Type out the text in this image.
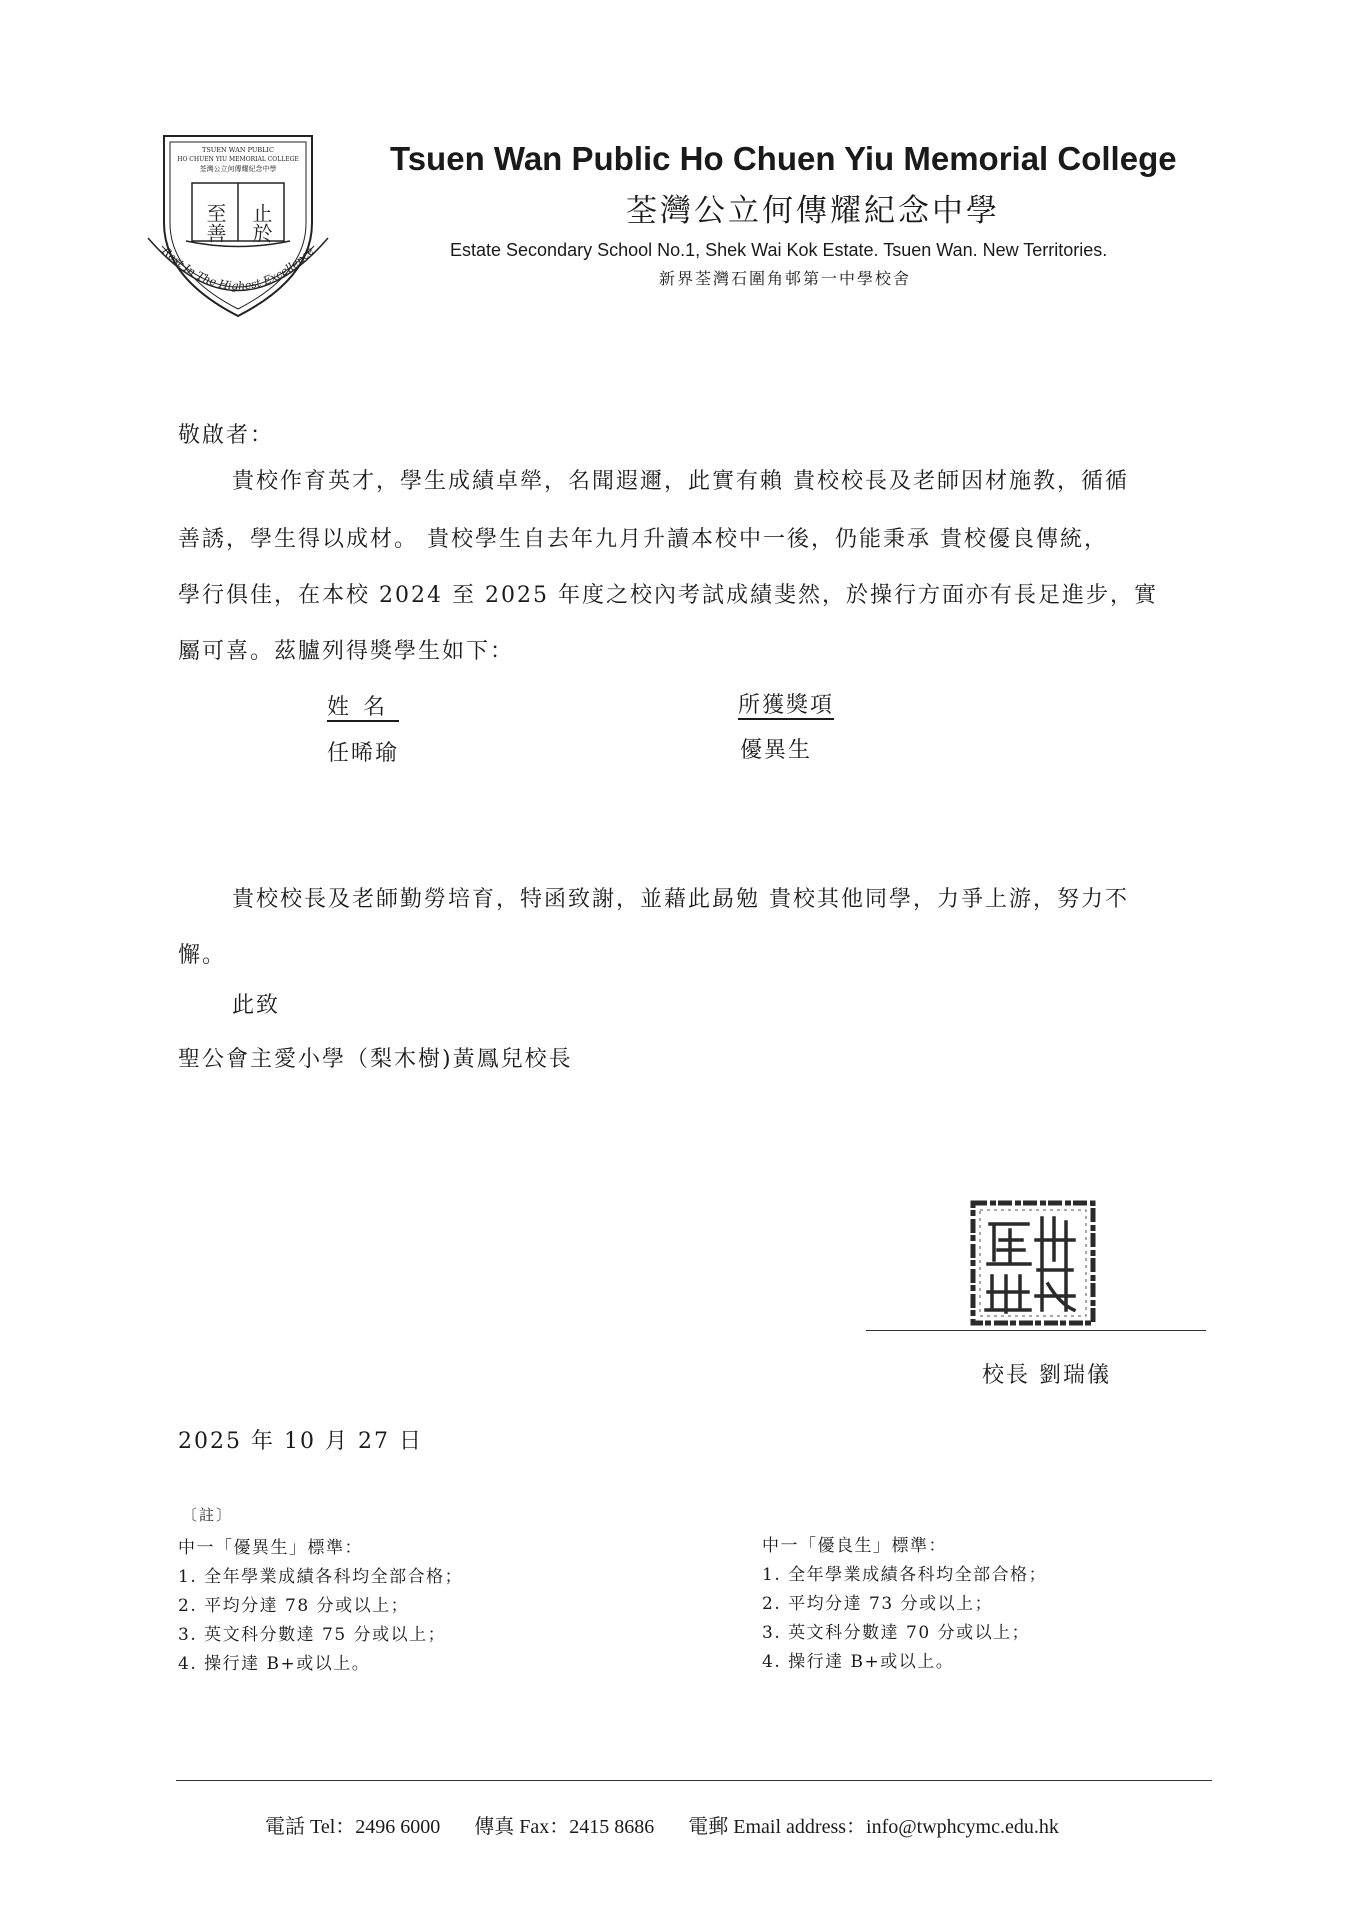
TSUEN WAN PUBLIC
HO CHUEN YIU MEMORIAL COLLEGE
荃灣公立何傳耀紀念中學
止於
至善
Rest In The Highest Excellence
Tsuen Wan Public Ho Chuen Yiu Memorial College
荃灣公立何傳耀紀念中學
Estate Secondary School No.1, Shek Wai Kok Estate. Tsuen Wan. New Territories.
新界荃灣石圍角邨第一中學校舍
敬啟者：
貴校作育英才，學生成績卓犖，名聞遐邇，此實有賴 貴校校長及老師因材施教，循循
善誘，學生得以成材。 貴校學生自去年九月升讀本校中一後，仍能秉承 貴校優良傳統，
學行俱佳，在本校 2024 至 2025 年度之校內考試成績斐然，於操行方面亦有長足進步，實
屬可喜。茲臚列得獎學生如下：
姓名	所獲獎項
任晞瑜	優異生
貴校校長及老師勤勞培育，特函致謝，並藉此勗勉 貴校其他同學，力爭上游，努力不
懈。
此致
聖公會主愛小學（梨木樹)黃鳳兒校長
校長 劉瑞儀
2025 年 10 月 27 日
〔註〕
中一「優異生」標準：
1. 全年學業成績各科均全部合格；
2. 平均分達 78 分或以上；
3. 英文科分數達 75 分或以上；
4. 操行達 B+或以上。
中一「優良生」標準：
1. 全年學業成績各科均全部合格；
2. 平均分達 73 分或以上；
3. 英文科分數達 70 分或以上；
4. 操行達 B+或以上。
電話 Tel：2496 6000 傳真 Fax：2415 8686 電郵 Email address：info@twphcymc.edu.hk
